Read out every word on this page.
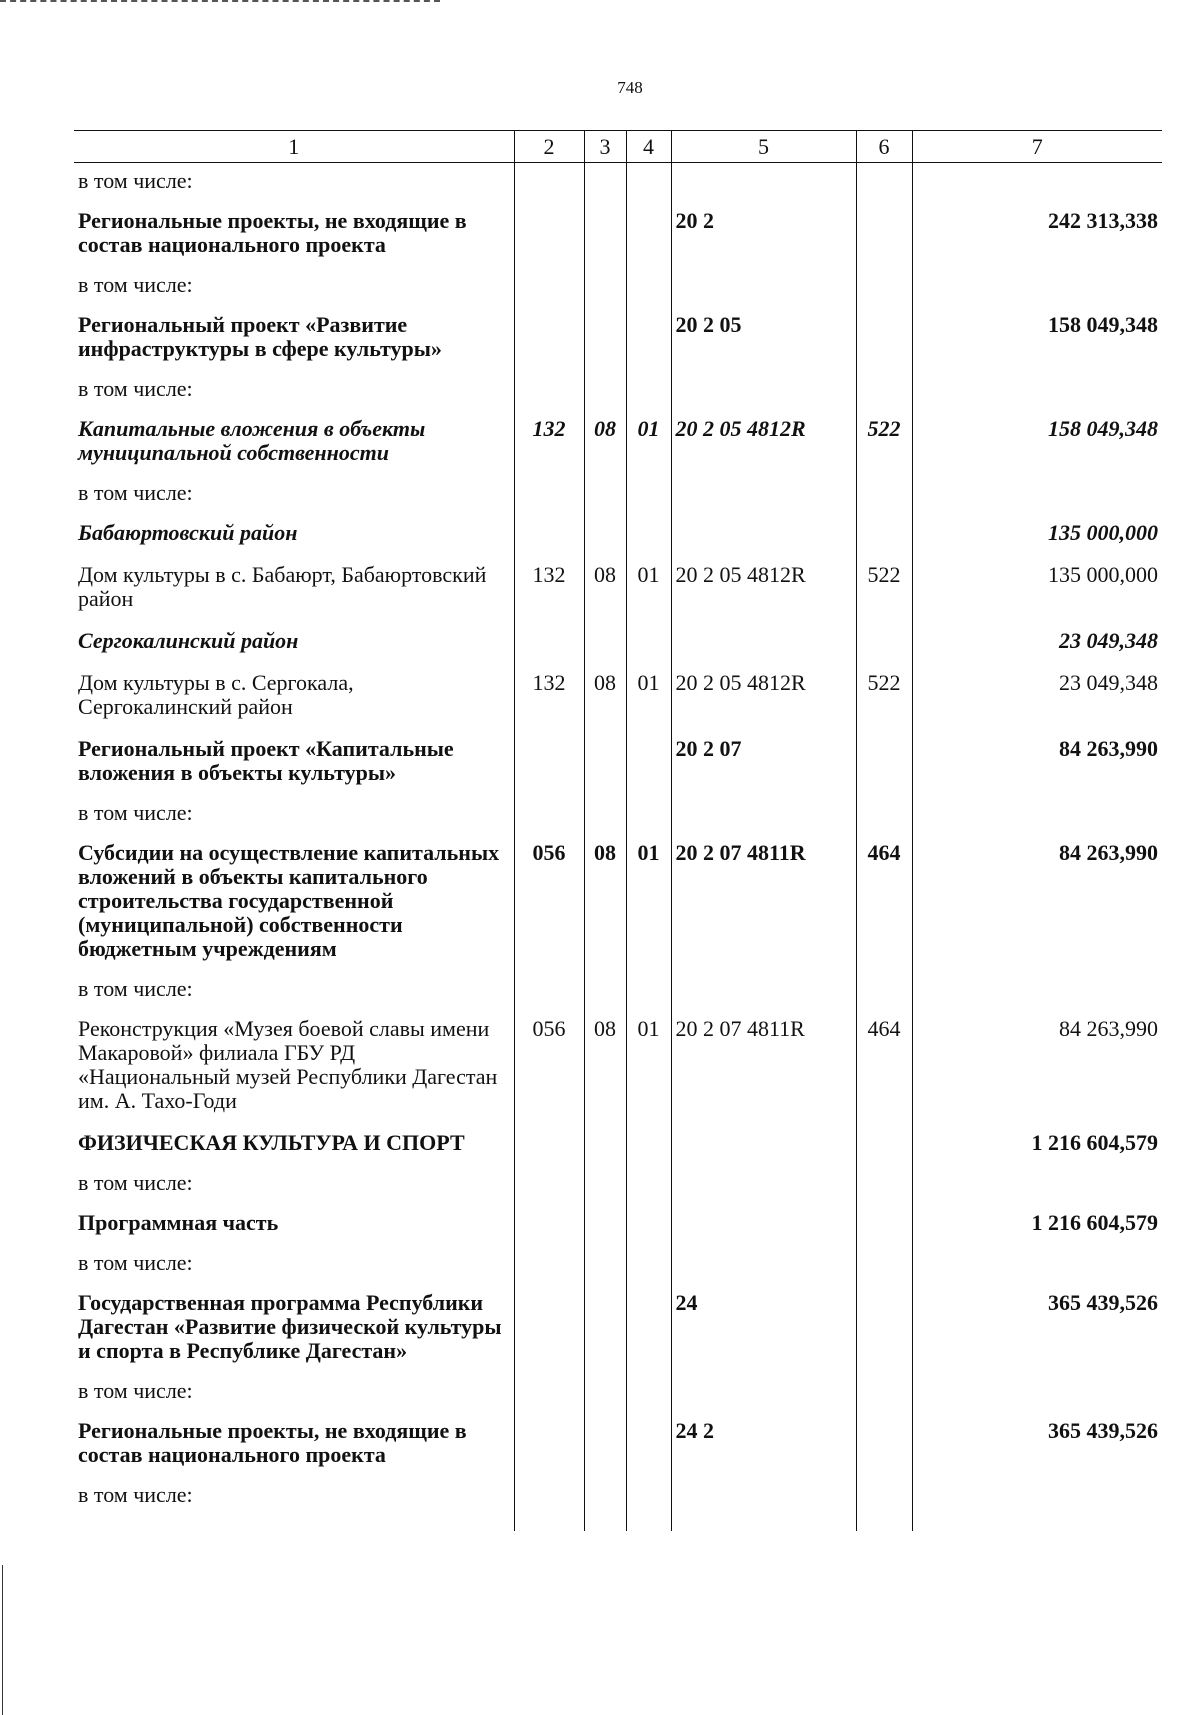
748
1	2	3	4	5	6	7
в том числе:						
Региональные проекты, не входящие в состав национального проекта				20 2		242 313,338
в том числе:						
Региональный проект «Развитие инфраструктуры в сфере культуры»				20 2 05		158 049,348
в том числе:						
Капитальные вложения в объекты муниципальной собственности	132	08	01	20 2 05 4812R	522	158 049,348
в том числе:						
Бабаюртовский район						135 000,000
Дом культуры в с. Бабаюрт, Бабаюртовский район	132	08	01	20 2 05 4812R	522	135 000,000
Сергокалинский район						23 049,348
Дом культуры в с. Сергокала, Сергокалинский район	132	08	01	20 2 05 4812R	522	23 049,348
Региональный проект «Капитальные вложения в объекты культуры»				20 2 07		84 263,990
в том числе:						
Субсидии на осуществление капитальных вложений в объекты капитального строительства государственной (муниципальной) собственности бюджетным учреждениям	056	08	01	20 2 07 4811R	464	84 263,990
в том числе:						
Реконструкция «Музея боевой славы имени Макаровой» филиала ГБУ РД «Национальный музей Республики Дагестан им. А. Тахо-Годи	056	08	01	20 2 07 4811R	464	84 263,990
ФИЗИЧЕСКАЯ КУЛЬТУРА И СПОРТ						1 216 604,579
в том числе:						
Программная часть						1 216 604,579
в том числе:						
Государственная программа Республики Дагестан «Развитие физической культуры и спорта в Республике Дагестан»				24		365 439,526
в том числе:						
Региональные проекты, не входящие в состав национального проекта				24 2		365 439,526
в том числе:						
